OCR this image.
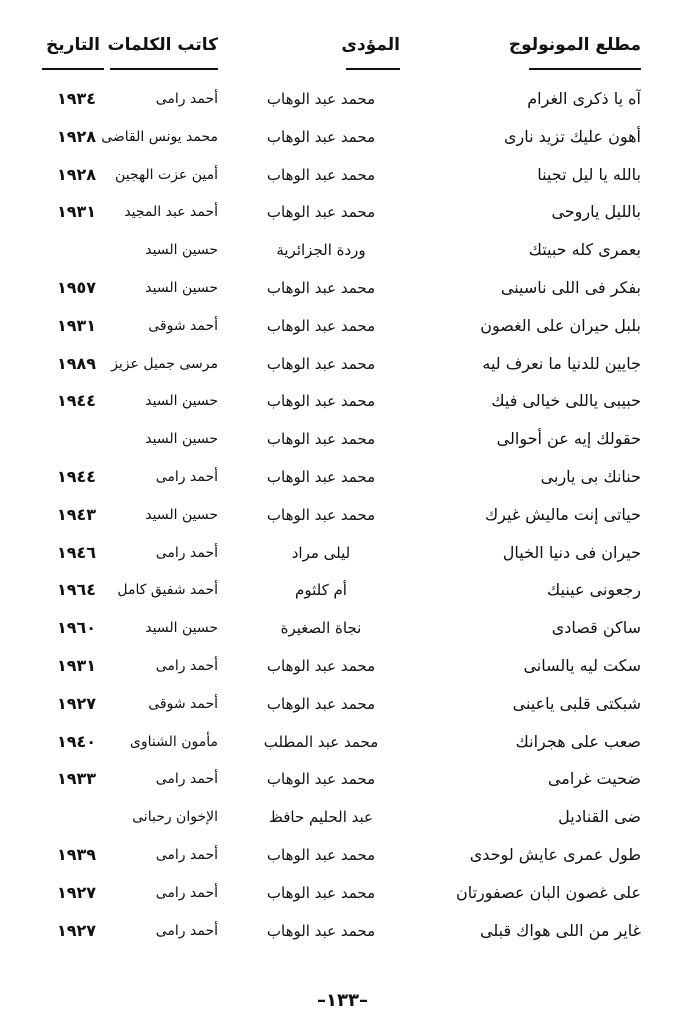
مطلع المونولوج
المؤدى
كاتب الكلمات
التاريخ
آه يا ذكرى الغرام
محمد عبد الوهاب
أحمد رامى
١٩٣٤
أهون عليك تزيد نارى
محمد عبد الوهاب
محمد يونس القاضى
١٩٢٨
بالله يا ليل تجينا
محمد عبد الوهاب
أمين عزت الهجين
١٩٢٨
بالليل ياروحى
محمد عبد الوهاب
أحمد عبد المجيد
١٩٣١
بعمرى كله حبيتك
وردة الجزائرية
حسين السيد
بفكر فى اللى ناسينى
محمد عبد الوهاب
حسين السيد
١٩٥٧
بلبل حيران على الغصون
محمد عبد الوهاب
أحمد شوقى
١٩٣١
جايين للدنيا ما نعرف ليه
محمد عبد الوهاب
مرسى جميل عزيز
١٩٨٩
حبيبى ياللى خيالى فيك
محمد عبد الوهاب
حسين السيد
١٩٤٤
حقولك إيه عن أحوالى
محمد عبد الوهاب
حسين السيد
حنانك بى ياربى
محمد عبد الوهاب
أحمد رامى
١٩٤٤
حياتى إنت ماليش غيرك
محمد عبد الوهاب
حسين السيد
١٩٤٣
حيران فى دنيا الخيال
ليلى مراد
أحمد رامى
١٩٤٦
رجعونى عينيك
أم كلثوم
أحمد شفيق كامل
١٩٦٤
ساكن قصادى
نجاة الصغيرة
حسين السيد
١٩٦٠
سكت ليه يالسانى
محمد عبد الوهاب
أحمد رامى
١٩٣١
شبكتى قلبى ياعينى
محمد عبد الوهاب
أحمد شوقى
١٩٢٧
صعب على هجرانك
محمد عبد المطلب
مأمون الشناوى
١٩٤٠
ضحيت غرامى
محمد عبد الوهاب
أحمد رامى
١٩٣٣
ضى القناديل
عبد الحليم حافظ
الإخوان رحبانى
طول عمرى عايش لوحدى
محمد عبد الوهاب
أحمد رامى
١٩٣٩
على غصون البان عصفورتان
محمد عبد الوهاب
أحمد رامى
١٩٢٧
غاير من اللى هواك قبلى
محمد عبد الوهاب
أحمد رامى
١٩٢٧
–١٣٣–
